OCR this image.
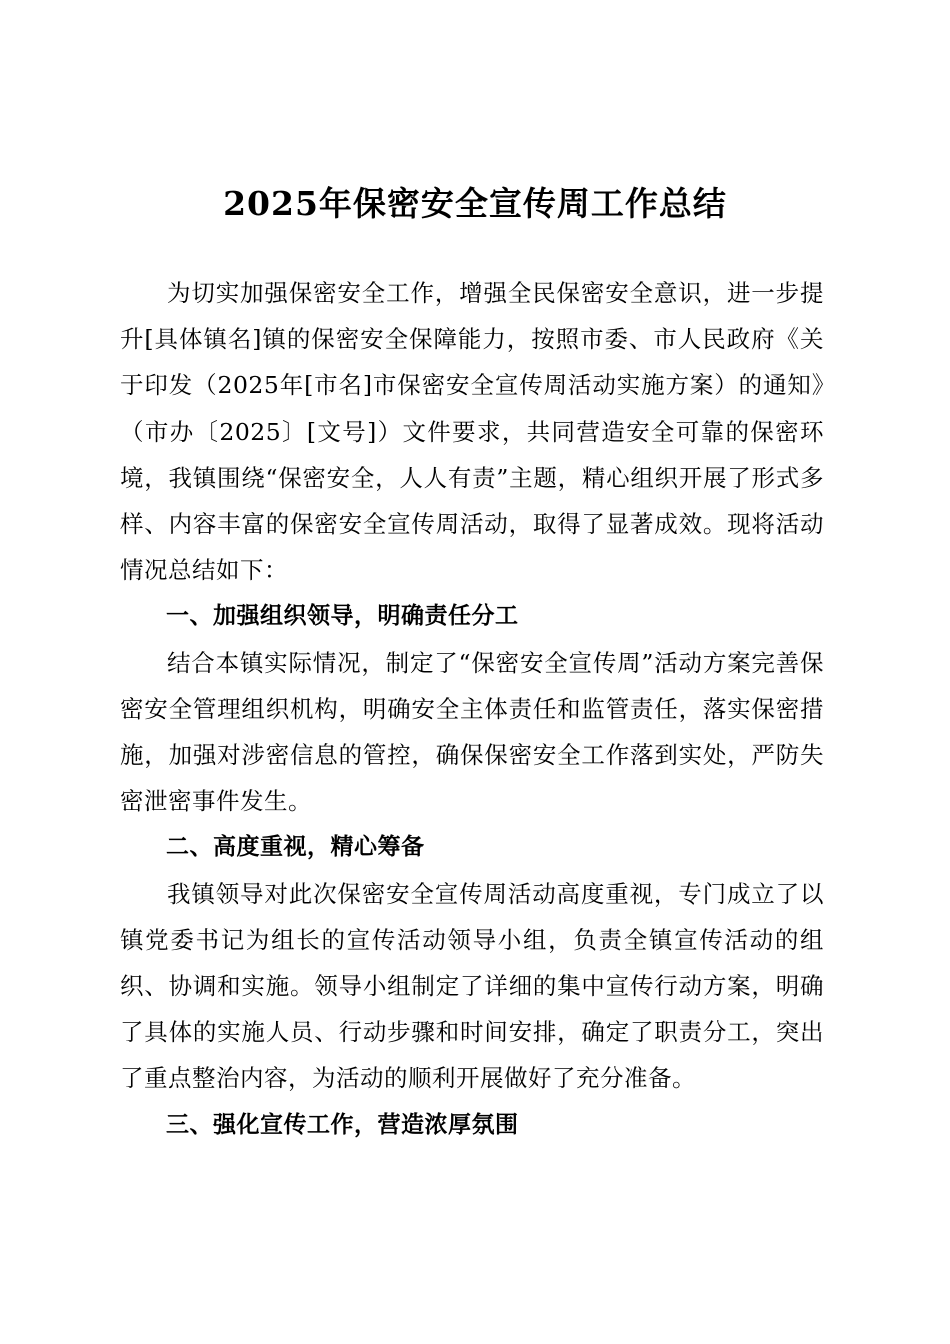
2025年保密安全宣传周工作总结

为切实加强保密安全工作，增强全民保密安全意识，进一步提升[具体镇名]镇的保密安全保障能力，按照市委、市人民政府《关于印发（2025年[市名]市保密安全宣传周活动实施方案）的通知》（市办〔2025〕[文号]）文件要求，共同营造安全可靠的保密环境，我镇围绕“保密安全，人人有责”主题，精心组织开展了形式多样、内容丰富的保密安全宣传周活动，取得了显著成效。现将活动情况总结如下：

一、加强组织领导，明确责任分工

结合本镇实际情况，制定了“保密安全宣传周”活动方案完善保密安全管理组织机构，明确安全主体责任和监管责任，落实保密措施，加强对涉密信息的管控，确保保密安全工作落到实处，严防失密泄密事件发生。

二、高度重视，精心筹备

我镇领导对此次保密安全宣传周活动高度重视，专门成立了以镇党委书记为组长的宣传活动领导小组，负责全镇宣传活动的组织、协调和实施。领导小组制定了详细的集中宣传行动方案，明确了具体的实施人员、行动步骤和时间安排，确定了职责分工，突出了重点整治内容，为活动的顺利开展做好了充分准备。

三、强化宣传工作，营造浓厚氛围
